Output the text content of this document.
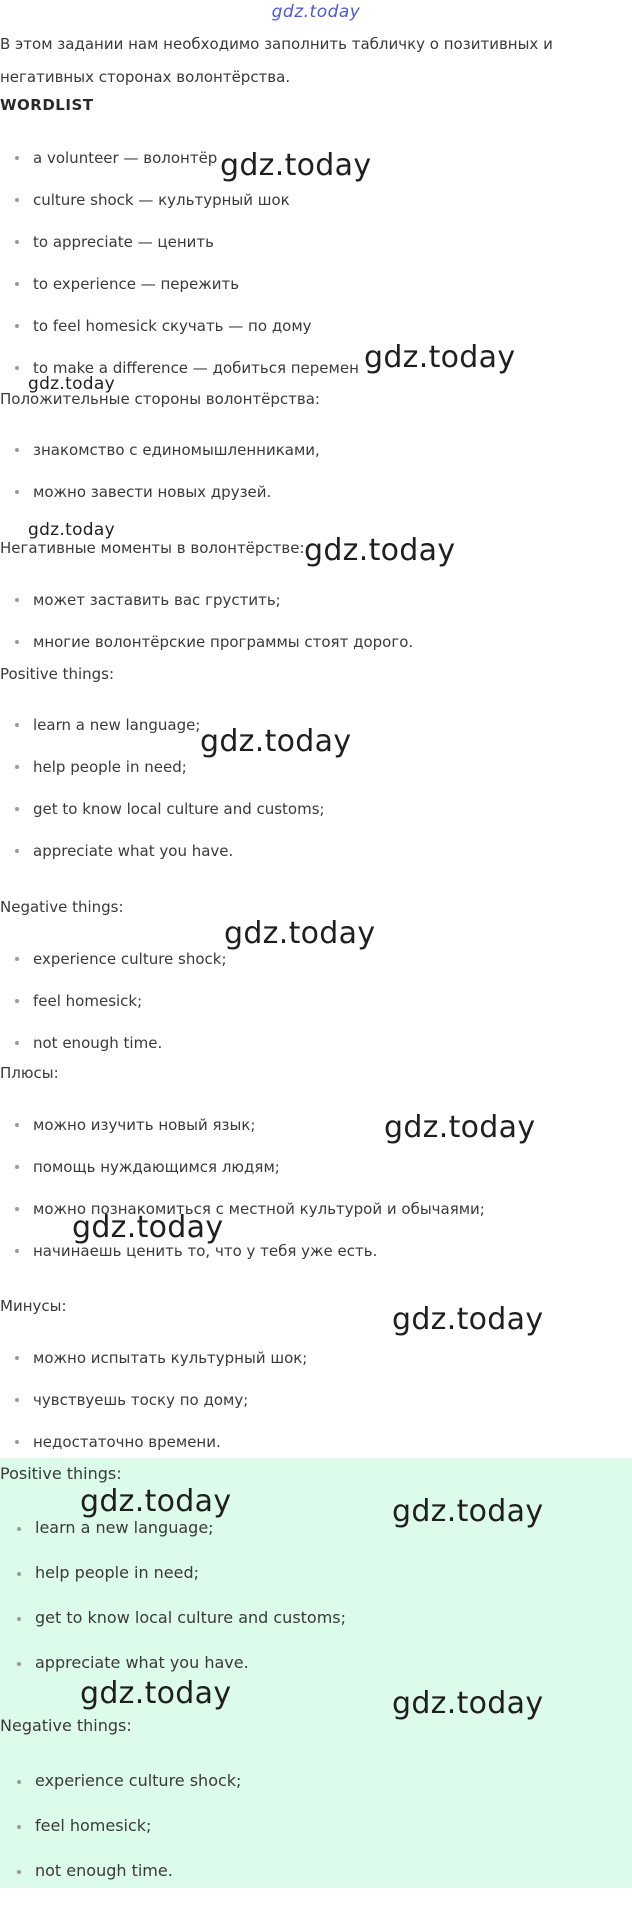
gdz.today
В этом задании нам необходимо заполнить табличку о позитивных и негативных сторонах волонтёрства.
WORDLIST
a volunteer — волонтёр
culture shock — культурный шок
to appreciate — ценить
to experience — пережить
to feel homesick скучать — по дому
to make a difference — добиться перемен
Положительные стороны волонтёрства:
знакомство с единомышленниками,
можно завести новых друзей.
Негативные моменты в волонтёрстве:
может заставить вас грустить;
многие волонтёрские программы стоят дорого.
Positive things:
learn a new language;
help people in need;
get to know local culture and customs;
appreciate what you have.
Negative things:
experience culture shock;
feel homesick;
not enough time.
Плюсы:
можно изучить новый язык;
помощь нуждающимся людям;
можно познакомиться с местной культурой и обычаями;
начинаешь ценить то, что у тебя уже есть.
Минусы:
можно испытать культурный шок;
чувствуешь тоску по дому;
недостаточно времени.
Positive things:
learn a new language;
help people in need;
get to know local culture and customs;
appreciate what you have.
Negative things:
experience culture shock;
feel homesick;
not enough time.
gdz.today
gdz.today
gdz.today
gdz.today
gdz.today
gdz.today
gdz.today
gdz.today
gdz.today
gdz.today
gdz.today	gdz.today
gdz.today	gdz.today
